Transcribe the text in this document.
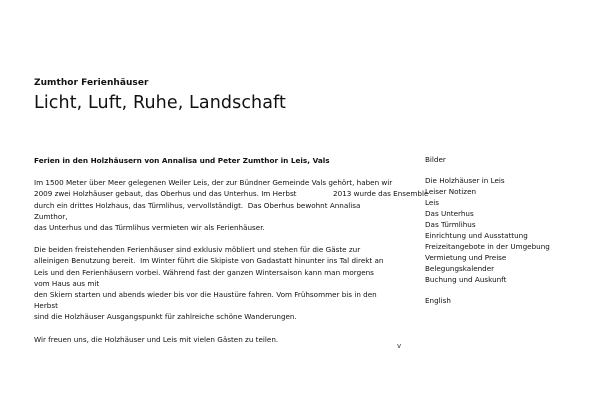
Zumthor Ferienhäuser
Licht, Luft, Ruhe, Landschaft
Ferien in den Holzhäusern von Annalisa und Peter Zumthor in Leis, Vals

Im 1500 Meter über Meer gelegenen Weiler Leis, der zur Bündner Gemeinde Vals gehört, haben wir
2009 zwei Holzhäuser gebaut, das Oberhus und das Unterhus. Im Herbst                2013 wurde das Ensemble
durch ein drittes Holzhaus, das Türmlihus, vervollständigt.  Das Oberhus bewohnt Annalisa
Zumthor,
das Unterhus und das Türmlihus vermieten wir als Ferienhäuser.

Die beiden freistehenden Ferienhäuser sind exklusiv möbliert und stehen für die Gäste zur
alleinigen Benutzung bereit.  Im Winter führt die Skipiste von Gadastatt hinunter ins Tal direkt an
Leis und den Ferienhäusern vorbei. Während fast der ganzen Wintersaison kann man morgens
vom Haus aus mit
den Skiern starten und abends wieder bis vor die Haustüre fahren. Vom Frühsommer bis in den
Herbst
sind die Holzhäuser Ausgangspunkt für zahlreiche schöne Wanderungen.

Wir freuen uns, die Holzhäuser und Leis mit vielen Gästen zu teilen.

Bilder
Die Holzhäuser in Leis
Leiser Notizen
Leis
Das Unterhus
Das Türmlihus
Einrichtung und Ausstattung
Freizeitangebote in der Umgebung
Vermietung und Preise
Belegungskalender
Buchung und Auskunft
English
v
